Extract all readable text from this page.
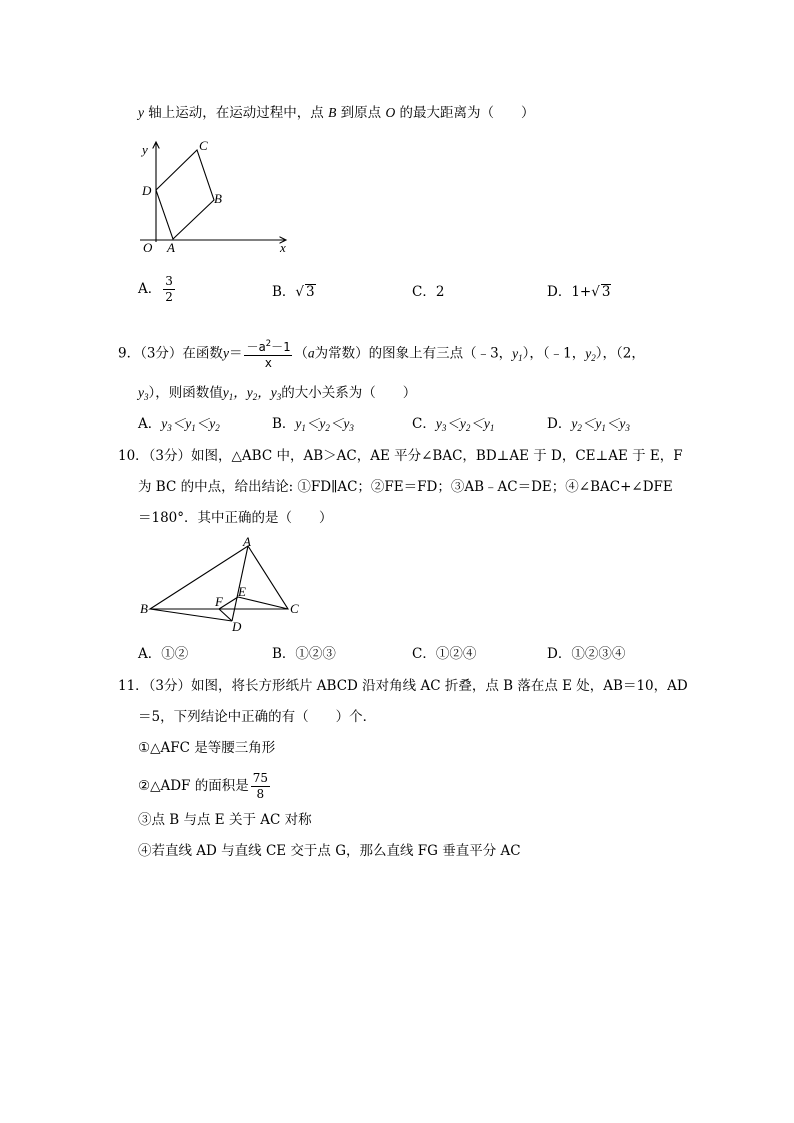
y 轴上运动，在运动过程中，点 B 到原点 O 的最大距离为（　　）
y	C
D
B
O A	x
A． $\frac{3}{2}$	B．√ 3	C．2	D．1+√ 3
9．（3分）在函数$y= \frac{-a^2-1}{x} (a$为常数）的图象上有三点（﹣3，$y_1$），（﹣1，$y_2$），（2，
$y_3$），则函数值$y_1$，$y_2$，$y_3$的大小关系为（　　）
A．$y_3<y_1<y_2$	B．$y_1<y_2<y_3$	C．$y_3<y_2<y_1$	D．$y_2<y_1<y_3$
10．（3分）如图，△ABC 中，AB＞AC，AE 平分∠BAC，BD⊥AE 于 D，CE⊥AE 于 E，F
为 BC 的中点，给出结论: ①FD∥AC；②FE＝FD；③AB﹣AC＝DE；④∠BAC+∠DFE
＝180°．其中正确的是（　　）
A
B	C
D
E
F
A．①②	B．①②③	C．①②④	D．①②③④
11．（3分）如图，将长方形纸片 ABCD 沿对角线 AC 折叠，点 B 落在点 E 处，AB＝10，AD
＝5，下列结论中正确的有（　　）个．
①△AFC 是等腰三角形
②△ADF 的面积是 $\frac{75}{8}$
③点 B 与点 E 关于 AC 对称
④若直线 AD 与直线 CE 交于点 G，那么直线 FG 垂直平分 AC
